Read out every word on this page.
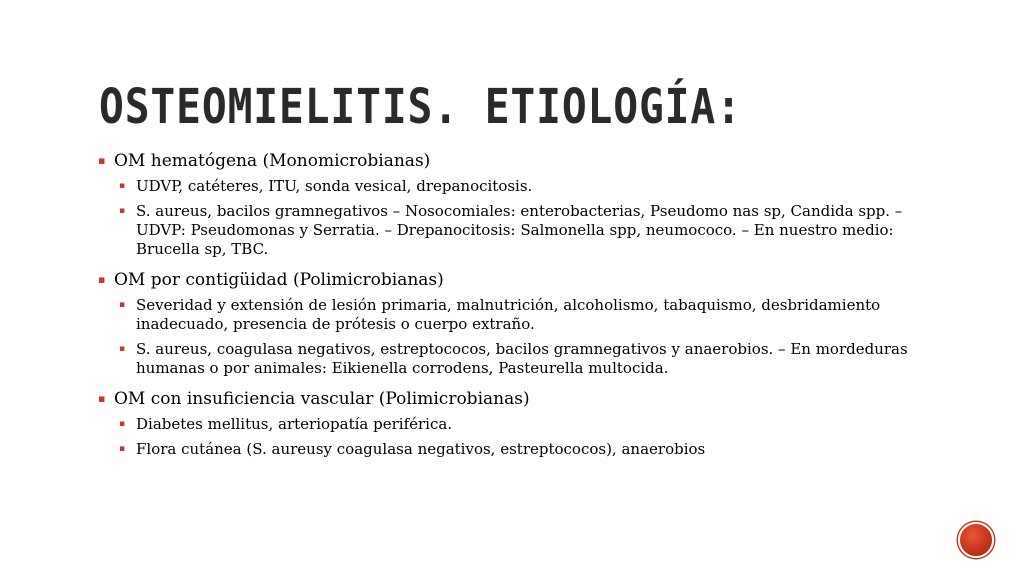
OSTEOMIELITIS. ETIOLOGÍA:
▪ OM hematógena (Monomicrobianas)
▪ UDVP, catéteres, ITU, sonda vesical, drepanocitosis.
▪ S. aureus, bacilos gramnegativos – Nosocomiales: enterobacterias, Pseudomo nas sp, Candida spp. – UDVP: Pseudomonas y Serratia. – Drepanocitosis: Salmonella spp, neumococo. – En nuestro medio: Brucella sp, TBC.
▪ OM por contigüidad (Polimicrobianas)
▪ Severidad y extensión de lesión primaria, malnutrición, alcoholismo, tabaquismo, desbridamiento inadecuado, presencia de prótesis o cuerpo extraño.
▪ S. aureus, coagulasa negativos, estreptococos, bacilos gramnegativos y anaerobios. – En mordeduras humanas o por animales: Eikienella corrodens, Pasteurella multocida.
▪ OM con insuficiencia vascular (Polimicrobianas)
▪ Diabetes mellitus, arteriopatía periférica.
▪ Flora cutánea (S. aureusy coagulasa negativos, estreptococos), anaerobios
